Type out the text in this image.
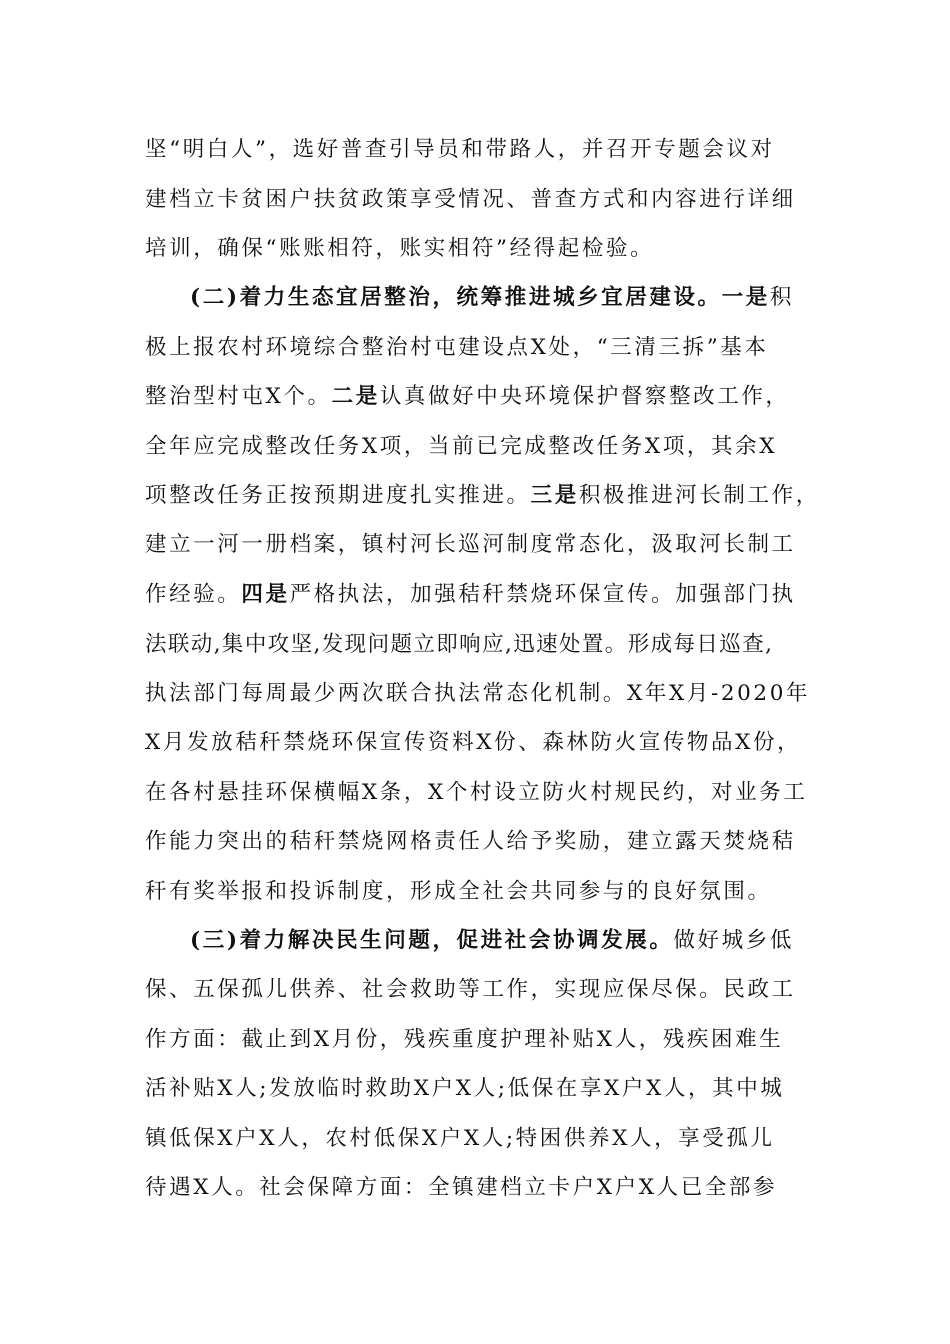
坚“明白人”，选好普查引导员和带路人，并召开专题会议对
建档立卡贫困户扶贫政策享受情况、普查方式和内容进行详细
培训，确保“账账相符，账实相符”经得起检验。
(二)着力生态宜居整治，统筹推进城乡宜居建设。一是积
极上报农村环境综合整治村屯建设点X处，“三清三拆”基本
整治型村屯X个。二是认真做好中央环境保护督察整改工作，
全年应完成整改任务X项，当前已完成整改任务X项，其余X
项整改任务正按预期进度扎实推进。三是积极推进河长制工作，
建立一河一册档案，镇村河长巡河制度常态化，汲取河长制工
作经验。四是严格执法，加强秸秆禁烧环保宣传。加强部门执
法联动,集中攻坚,发现问题立即响应,迅速处置。形成每日巡查,
执法部门每周最少两次联合执法常态化机制。X年X月-2020年
X月发放秸秆禁烧环保宣传资料X份、森林防火宣传物品X份，
在各村悬挂环保横幅X条，X个村设立防火村规民约，对业务工
作能力突出的秸秆禁烧网格责任人给予奖励，建立露天焚烧秸
秆有奖举报和投诉制度，形成全社会共同参与的良好氛围。
(三)着力解决民生问题，促进社会协调发展。做好城乡低
保、五保孤儿供养、社会救助等工作，实现应保尽保。民政工
作方面：截止到X月份，残疾重度护理补贴X人，残疾困难生
活补贴X人;发放临时救助X户X人;低保在享X户X人，其中城
镇低保X户X人，农村低保X户X人;特困供养X人，享受孤儿
待遇X人。社会保障方面：全镇建档立卡户X户X人已全部参
